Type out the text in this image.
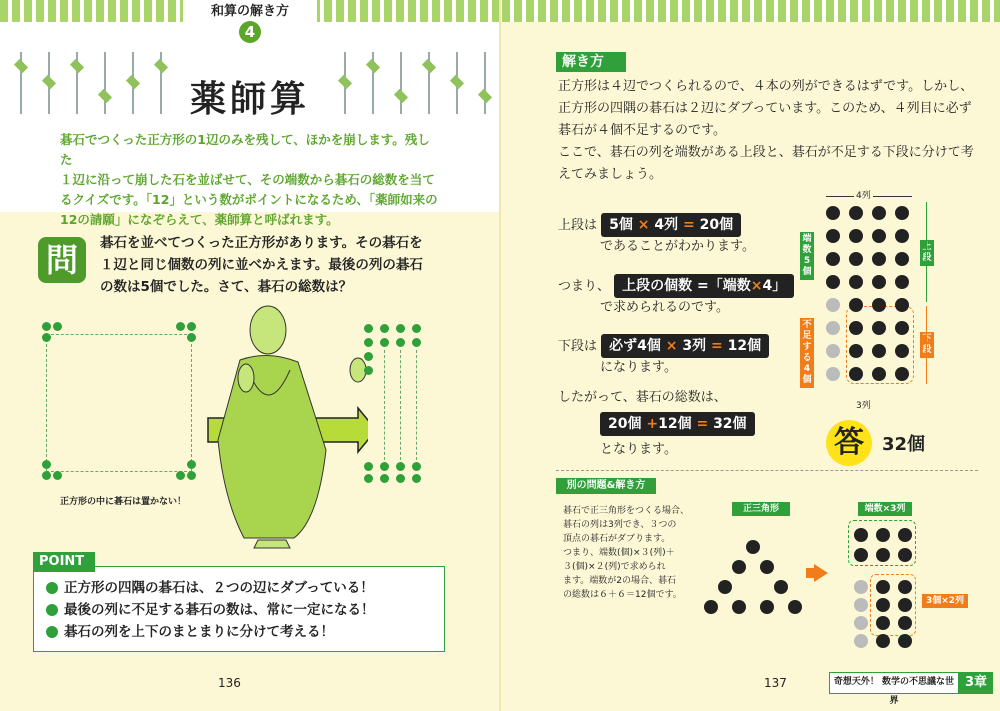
和算の解き方
4
薬師算
碁石でつくった正方形の1辺のみを残して、ほかを崩します。残した
１辺に沿って崩した石を並ばせて、その端数から碁石の総数を当て
るクイズです。「12」という数がポイントになるため、「薬師如来の
12の請願」になぞらえて、薬師算と呼ばれます。
問	碁石を並べてつくった正方形があります。その碁石を
１辺と同じ個数の列に並べかえます。最後の列の碁石
の数は5個でした。さて、碁石の総数は？
正方形の中に碁石は置かない！
正方形の四隅の碁石は、２つの辺にダブっている！
最後の列に不足する碁石の数は、常に一定になる！
碁石の列を上下のまとまりに分けて考える！
POINT
136
解き方
正方形は４辺でつくられるので、４本の列ができるはずです。しかし、
正方形の四隅の碁石は２辺にダブっています。このため、４列目に必ず
碁石が４個不足するのです。
ここで、碁石の列を端数がある上段と、碁石が不足する下段に分けて考
えてみましょう。
上段は 5個 × 4列 = 20個
であることがわかります。
つまり、 上段の個数 =「端数×4」
で求められるのです。
下段は 必ず4個 × 3列 = 12個
になります。
したがって、碁石の総数は、
20個 +12個 = 32個
となります。	答	32個
4列
端数5個
不足する4個
上段
下段
3列
別の問題&解き方
碁石で正三角形をつくる場合、
碁石の列は3列でき、３つの
頂点の碁石がダブります。
つまり、端数(個)×３(列)＋
３(個)×２(列)で求められ
ます。端数が2の場合、碁石
の総数は６＋６＝12個です。
正三角形	端数×3列
3個×2列
137	奇想天外！ 数学の不思議な世界
3章
